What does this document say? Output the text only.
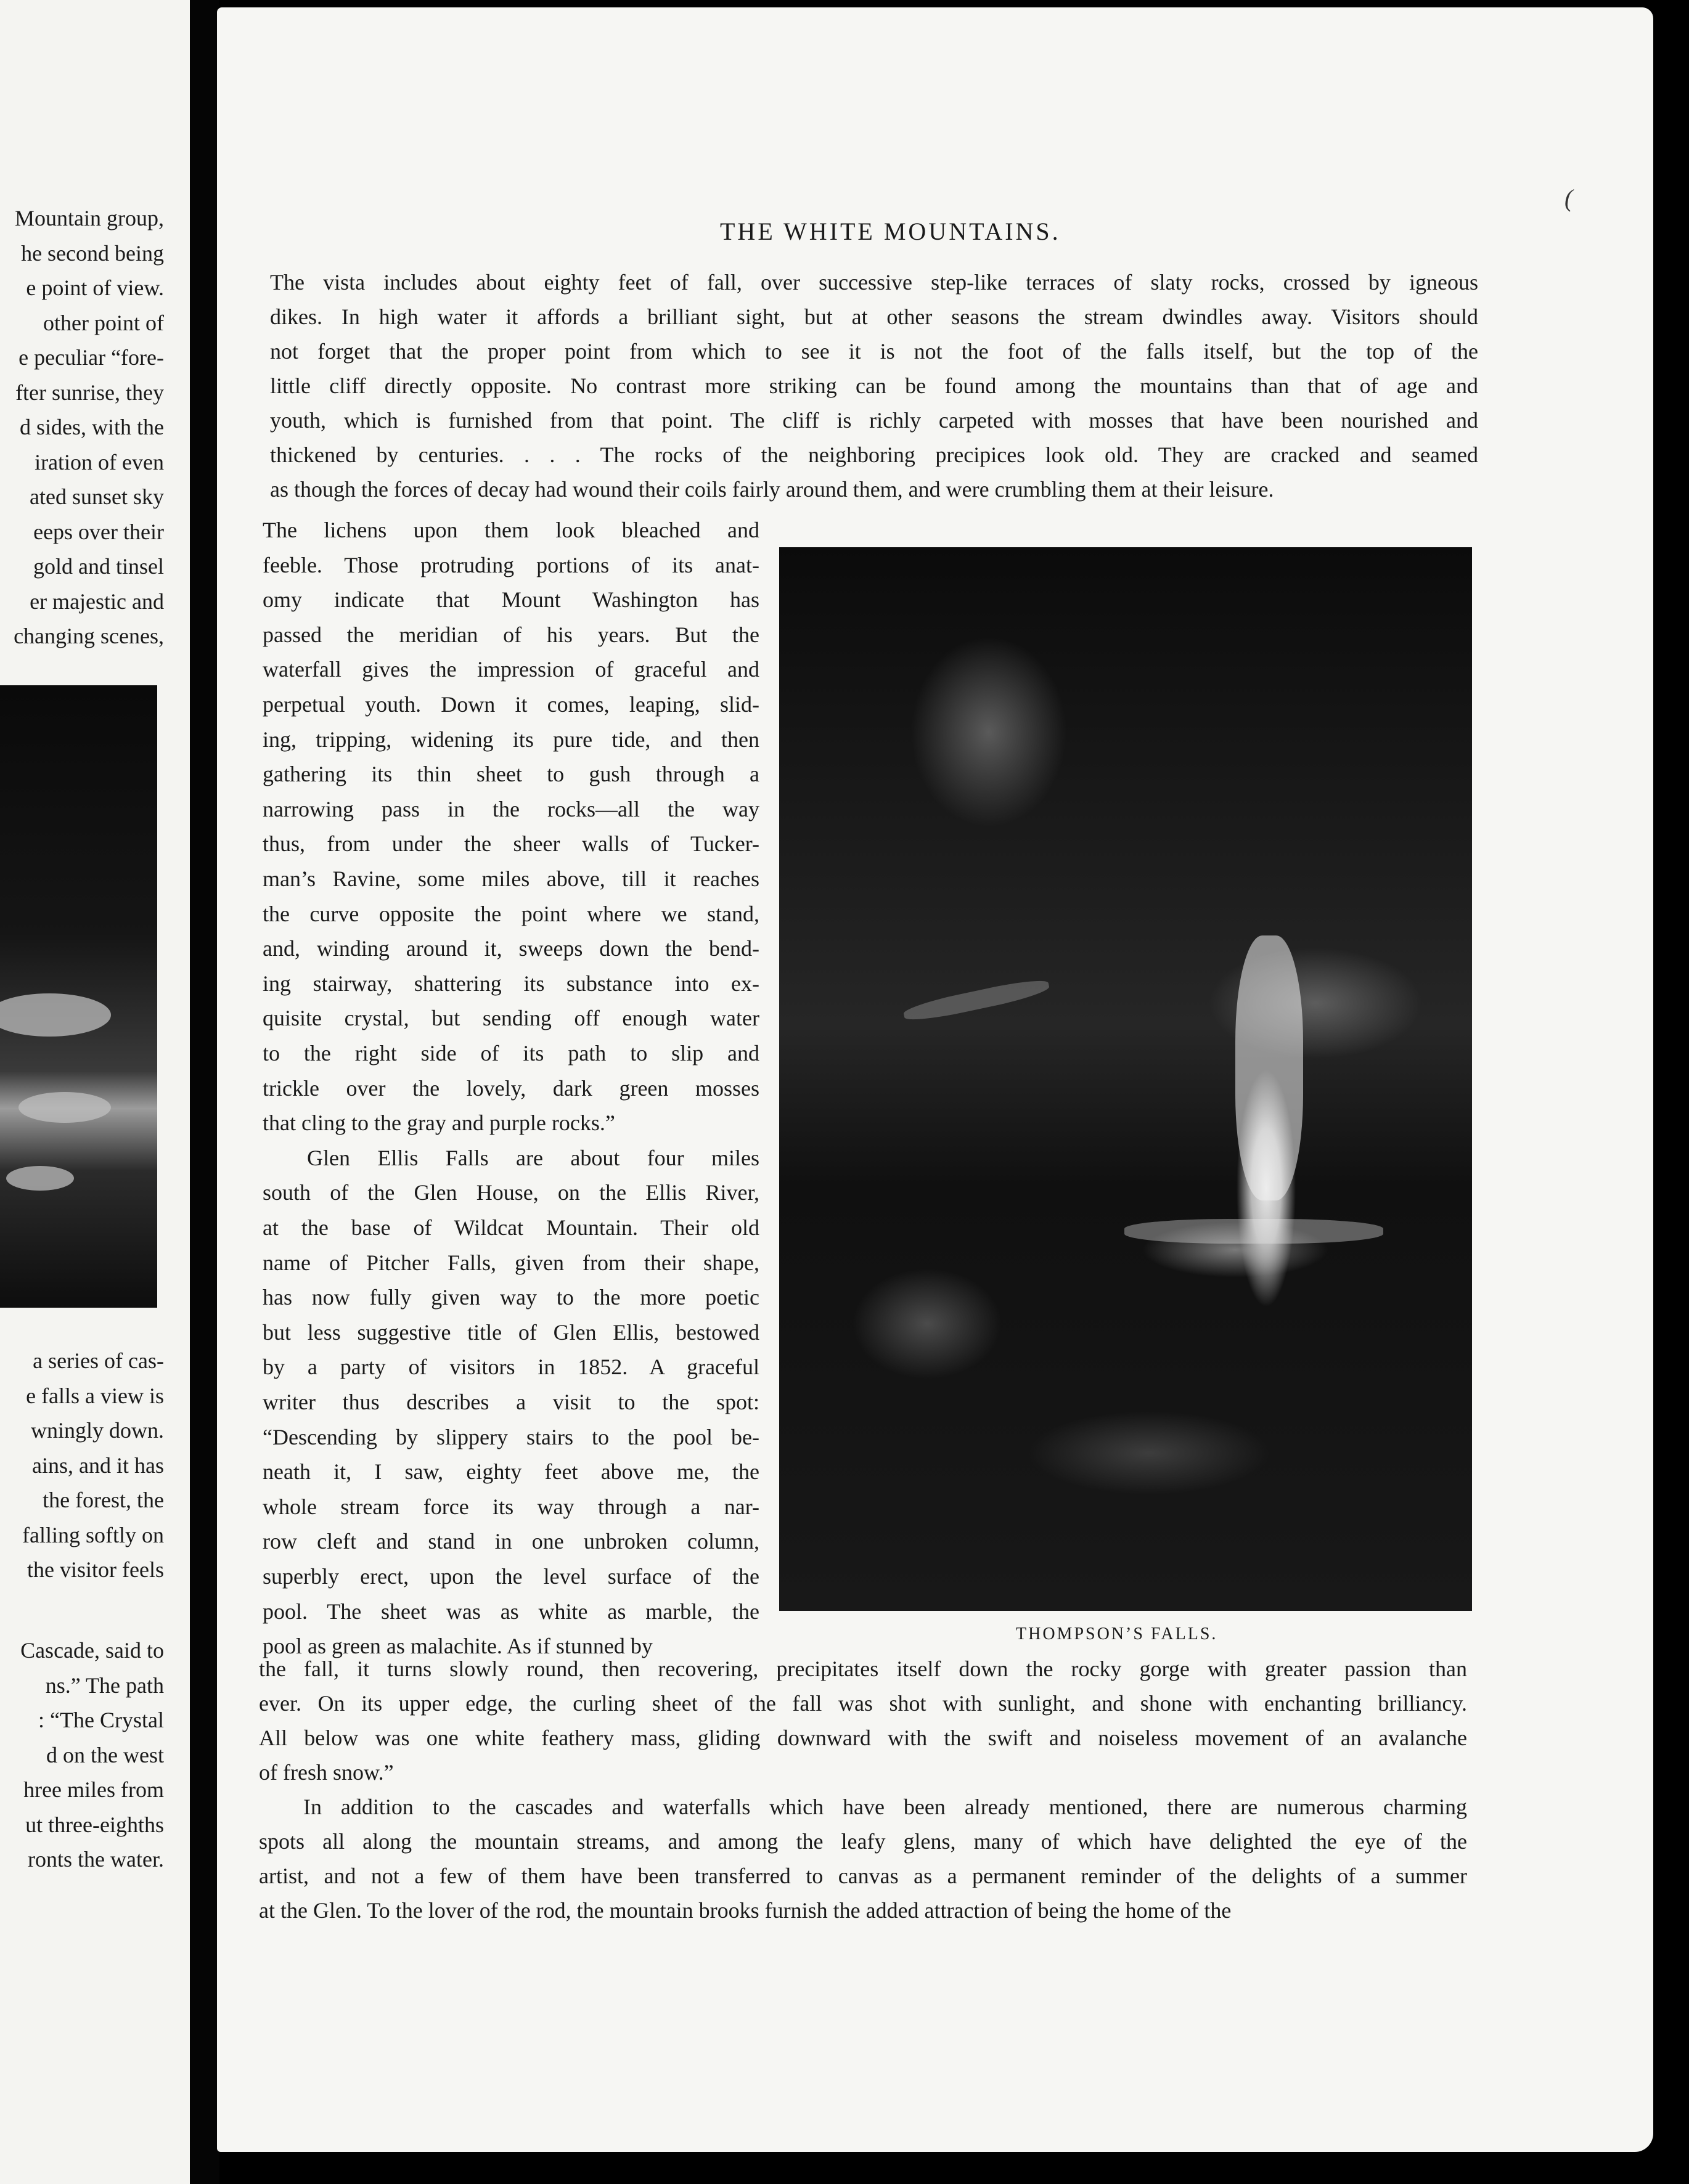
Mountain group,
he second being
e point of view.
other point of
e peculiar “fore-
fter sunrise, they
d sides, with the
iration of even
ated sunset sky
eeps over their
gold and tinsel
er majestic and
changing scenes,
a series of cas-
e falls a view is
wningly down.
ains, and it has
the forest, the
falling softly on
the visitor feels
Cascade, said to
ns.” The path
: “The Crystal
d on the west
hree miles from
ut three-eighths
ronts the water.
(
THE WHITE MOUNTAINS.
The vista includes about eighty feet of fall, over successive step-like terraces of slaty rocks, crossed by igneous
dikes. In high water it affords a brilliant sight, but at other seasons the stream dwindles away. Visitors should
not forget that the proper point from which to see it is not the foot of the falls itself, but the top of the
little cliff directly opposite. No contrast more striking can be found among the mountains than that of age and
youth, which is furnished from that point. The cliff is richly carpeted with mosses that have been nourished and
thickened by centuries. . . . The rocks of the neighboring precipices look old. They are cracked and seamed
as though the forces of decay had wound their coils fairly around them, and were crumbling them at their leisure.
The lichens upon them look bleached and
feeble. Those protruding portions of its anat-
omy indicate that Mount Washington has
passed the meridian of his years. But the
waterfall gives the impression of graceful and
perpetual youth. Down it comes, leaping, slid-
ing, tripping, widening its pure tide, and then
gathering its thin sheet to gush through a
narrowing pass in the rocks—all the way
thus, from under the sheer walls of Tucker-
man’s Ravine, some miles above, till it reaches
the curve opposite the point where we stand,
and, winding around it, sweeps down the bend-
ing stairway, shattering its substance into ex-
quisite crystal, but sending off enough water
to the right side of its path to slip and
trickle over the lovely, dark green mosses
that cling to the gray and purple rocks.”
Glen Ellis Falls are about four miles
south of the Glen House, on the Ellis River,
at the base of Wildcat Mountain. Their old
name of Pitcher Falls, given from their shape,
has now fully given way to the more poetic
but less suggestive title of Glen Ellis, bestowed
by a party of visitors in 1852. A graceful
writer thus describes a visit to the spot:
“Descending by slippery stairs to the pool be-
neath it, I saw, eighty feet above me, the
whole stream force its way through a nar-
row cleft and stand in one unbroken column,
superbly erect, upon the level surface of the
pool. The sheet was as white as marble, the
pool as green as malachite. As if stunned by
the fall, it turns slowly round, then recovering, precipitates itself down the rocky gorge with greater passion than
ever. On its upper edge, the curling sheet of the fall was shot with sunlight, and shone with enchanting brilliancy.
All below was one white feathery mass, gliding downward with the swift and noiseless movement of an avalanche
of fresh snow.”
In addition to the cascades and waterfalls which have been already mentioned, there are numerous charming
spots all along the mountain streams, and among the leafy glens, many of which have delighted the eye of the
artist, and not a few of them have been transferred to canvas as a permanent reminder of the delights of a summer
at the Glen. To the lover of the rod, the mountain brooks furnish the added attraction of being the home of the
THOMPSON’S FALLS.
